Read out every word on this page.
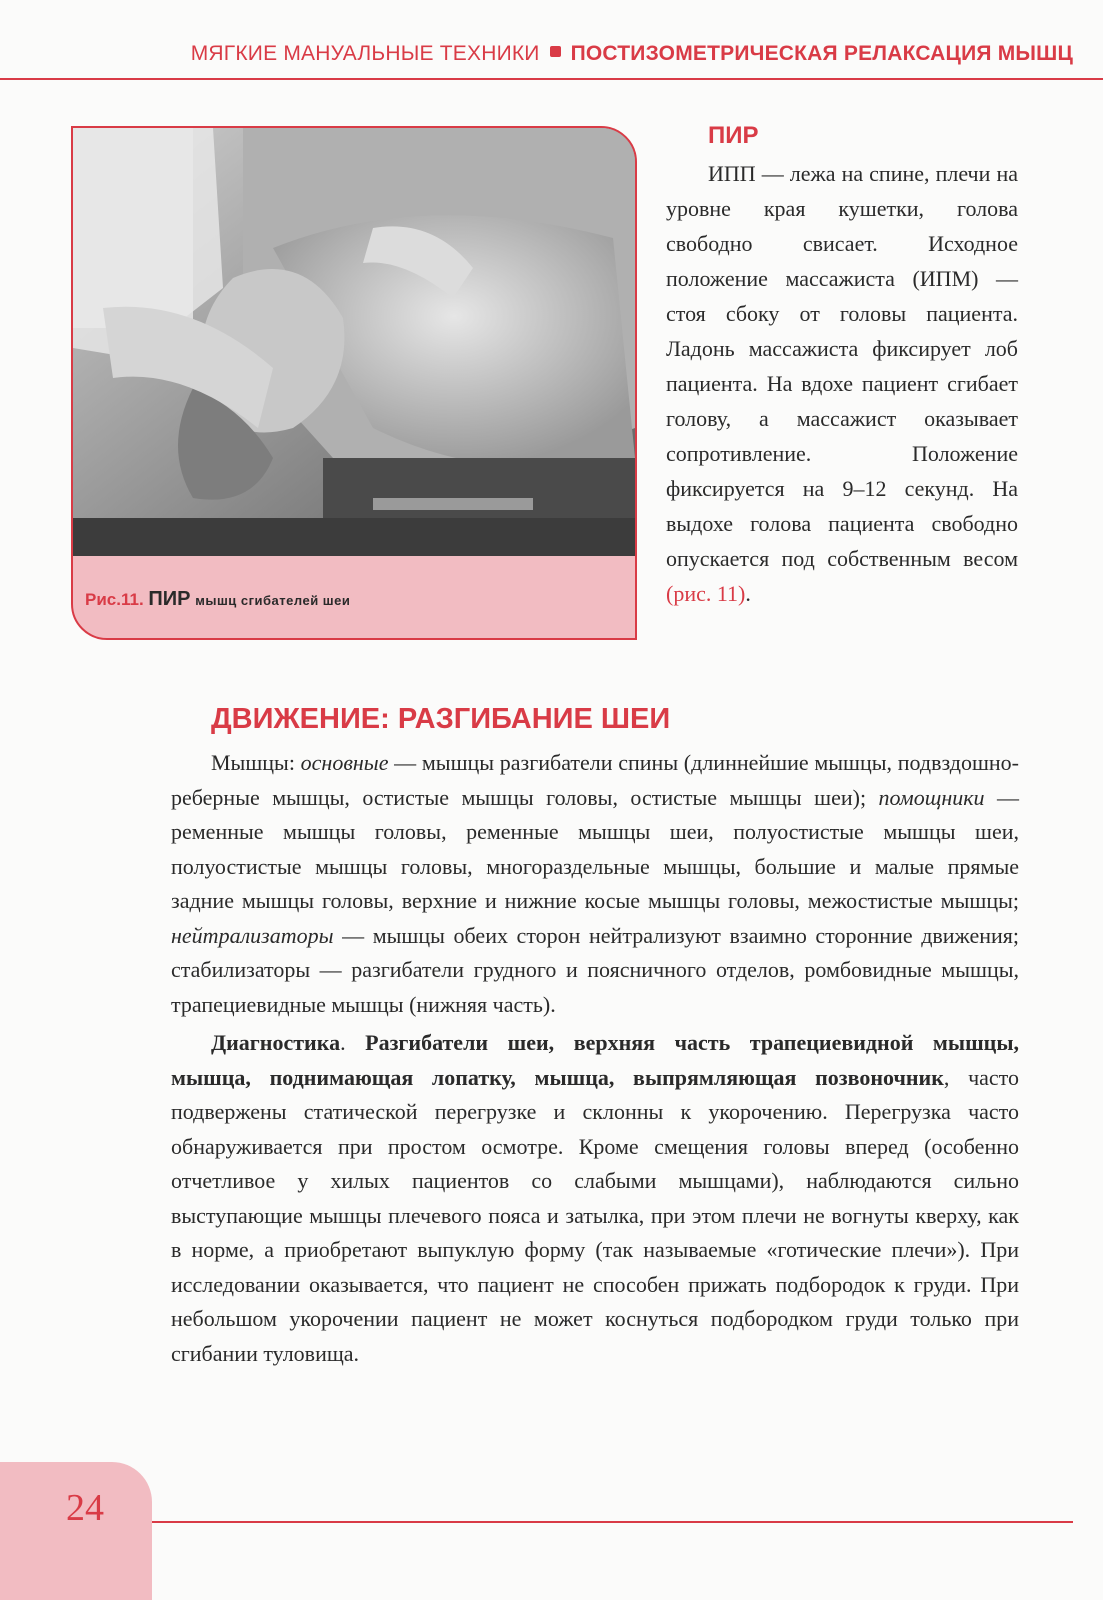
МЯГКИЕ МАНУАЛЬНЫЕ ТЕХНИКИ ПОСТИЗОМЕТРИЧЕСКАЯ РЕЛАКСАЦИЯ МЫШЦ
Рис.11. ПИР мышц сгибателей шеи
ПИР

ИПП — лежа на спине, плечи на уровне края кушетки, голова свободно свисает. Исходное положение массажиста (ИПМ) — стоя сбоку от головы пациента. Ладонь массажиста фиксирует лоб пациента. На вдохе пациент сгибает голову, а массажист оказывает сопротивление. Положение фиксируется на 9–12 секунд. На выдохе голова пациента свободно опускается под собственным весом (рис. 11).

ДВИЖЕНИЕ: РАЗГИБАНИЕ ШЕИ

Мышцы: основные — мышцы разгибатели спины (длиннейшие мышцы, подвздошно-реберные мышцы, остистые мышцы головы, остистые мышцы шеи); помощники — ременные мышцы головы, ременные мышцы шеи, полуостистые мышцы шеи, полуостистые мышцы головы, многораздельные мышцы, большие и малые прямые задние мышцы головы, верхние и нижние косые мышцы головы, межостистые мышцы; нейтрализаторы — мышцы обеих сторон нейтрализуют взаимно сторонние движения; стабилизаторы — разгибатели грудного и поясничного отделов, ромбовидные мышцы, трапециевидные мышцы (нижняя часть).

Диагностика. Разгибатели шеи, верхняя часть трапециевидной мышцы, мышца, поднимающая лопатку, мышца, выпрямляющая позвоночник, часто подвержены статической перегрузке и склонны к укорочению. Перегрузка часто обнаруживается при простом осмотре. Кроме смещения головы вперед (особенно отчетливое у хилых пациентов со слабыми мышцами), наблюдаются сильно выступающие мышцы плечевого пояса и затылка, при этом плечи не вогнуты кверху, как в норме, а приобретают выпуклую форму (так называемые «готические плечи»). При исследовании оказывается, что пациент не способен прижать подбородок к груди. При небольшом укорочении пациент не может коснуться подбородком груди только при сгибании туловища.

24
